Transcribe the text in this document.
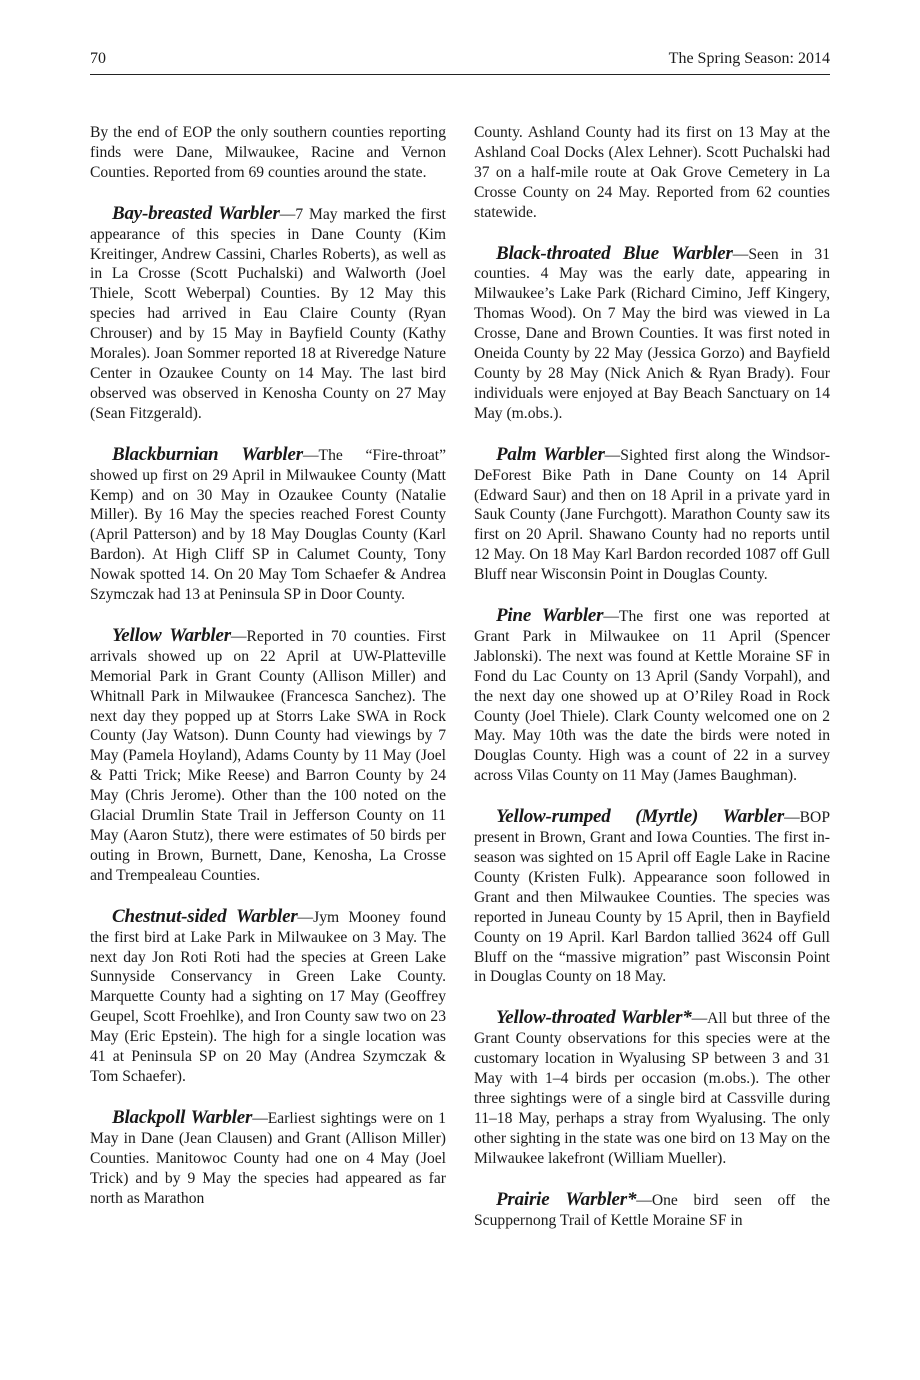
70	The Spring Season: 2014

By the end of EOP the only southern counties reporting finds were Dane, Milwaukee, Racine and Vernon Counties. Reported from 69 counties around the state.

Bay-breasted Warbler—7 May marked the first appearance of this species in Dane County (Kim Kreitinger, Andrew Cassini, Charles Roberts), as well as in La Crosse (Scott Puchalski) and Walworth (Joel Thiele, Scott Weberpal) Counties. By 12 May this species had arrived in Eau Claire County (Ryan Chrouser) and by 15 May in Bayfield County (Kathy Morales). Joan Sommer reported 18 at Riveredge Nature Center in Ozaukee County on 14 May. The last bird observed was observed in Kenosha County on 27 May (Sean Fitzgerald).

Blackburnian Warbler—The “Fire-throat” showed up first on 29 April in Milwaukee County (Matt Kemp) and on 30 May in Ozaukee County (Natalie Miller). By 16 May the species reached Forest County (April Patterson) and by 18 May Douglas County (Karl Bardon). At High Cliff SP in Calumet County, Tony Nowak spotted 14. On 20 May Tom Schaefer & Andrea Szymczak had 13 at Peninsula SP in Door County.

Yellow Warbler—Reported in 70 counties. First arrivals showed up on 22 April at UW-Platteville Memorial Park in Grant County (Allison Miller) and Whitnall Park in Milwaukee (Francesca Sanchez). The next day they popped up at Storrs Lake SWA in Rock County (Jay Watson). Dunn County had viewings by 7 May (Pamela Hoyland), Adams County by 11 May (Joel & Patti Trick; Mike Reese) and Barron County by 24 May (Chris Jerome). Other than the 100 noted on the Glacial Drumlin State Trail in Jefferson County on 11 May (Aaron Stutz), there were estimates of 50 birds per outing in Brown, Burnett, Dane, Kenosha, La Crosse and Trempealeau Counties.

Chestnut-sided Warbler—Jym Mooney found the first bird at Lake Park in Milwaukee on 3 May. The next day Jon Roti Roti had the species at Green Lake Sunnyside Conservancy in Green Lake County. Marquette County had a sighting on 17 May (Geoffrey Geupel, Scott Froehlke), and Iron County saw two on 23 May (Eric Epstein). The high for a single location was 41 at Peninsula SP on 20 May (Andrea Szymczak & Tom Schaefer).

Blackpoll Warbler—Earliest sightings were on 1 May in Dane (Jean Clausen) and Grant (Allison Miller) Counties. Manitowoc County had one on 4 May (Joel Trick) and by 9 May the species had appeared as far north as Marathon

County. Ashland County had its first on 13 May at the Ashland Coal Docks (Alex Lehner). Scott Puchalski had 37 on a half-mile route at Oak Grove Cemetery in La Crosse County on 24 May. Reported from 62 counties statewide.

Black-throated Blue Warbler—Seen in 31 counties. 4 May was the early date, appearing in Milwaukee’s Lake Park (Richard Cimino, Jeff Kingery, Thomas Wood). On 7 May the bird was viewed in La Crosse, Dane and Brown Counties. It was first noted in Oneida County by 22 May (Jessica Gorzo) and Bayfield County by 28 May (Nick Anich & Ryan Brady). Four individuals were enjoyed at Bay Beach Sanctuary on 14 May (m.obs.).

Palm Warbler—Sighted first along the Windsor-DeForest Bike Path in Dane County on 14 April (Edward Saur) and then on 18 April in a private yard in Sauk County (Jane Furchgott). Marathon County saw its first on 20 April. Shawano County had no reports until 12 May. On 18 May Karl Bardon recorded 1087 off Gull Bluff near Wisconsin Point in Douglas County.

Pine Warbler—The first one was reported at Grant Park in Milwaukee on 11 April (Spencer Jablonski). The next was found at Kettle Moraine SF in Fond du Lac County on 13 April (Sandy Vorpahl), and the next day one showed up at O’Riley Road in Rock County (Joel Thiele). Clark County welcomed one on 2 May. May 10th was the date the birds were noted in Douglas County. High was a count of 22 in a survey across Vilas County on 11 May (James Baughman).

Yellow-rumped (Myrtle) Warbler—BOP present in Brown, Grant and Iowa Counties. The first in-season was sighted on 15 April off Eagle Lake in Racine County (Kristen Fulk). Appearance soon followed in Grant and then Milwaukee Counties. The species was reported in Juneau County by 15 April, then in Bayfield County on 19 April. Karl Bardon tallied 3624 off Gull Bluff on the “massive migration” past Wisconsin Point in Douglas County on 18 May.

Yellow-throated Warbler*—All but three of the Grant County observations for this species were at the customary location in Wyalusing SP between 3 and 31 May with 1–4 birds per occasion (m.obs.). The other three sightings were of a single bird at Cassville during 11–18 May, perhaps a stray from Wyalusing. The only other sighting in the state was one bird on 13 May on the Milwaukee lakefront (William Mueller).

Prairie Warbler*—One bird seen off the Scuppernong Trail of Kettle Moraine SF in
